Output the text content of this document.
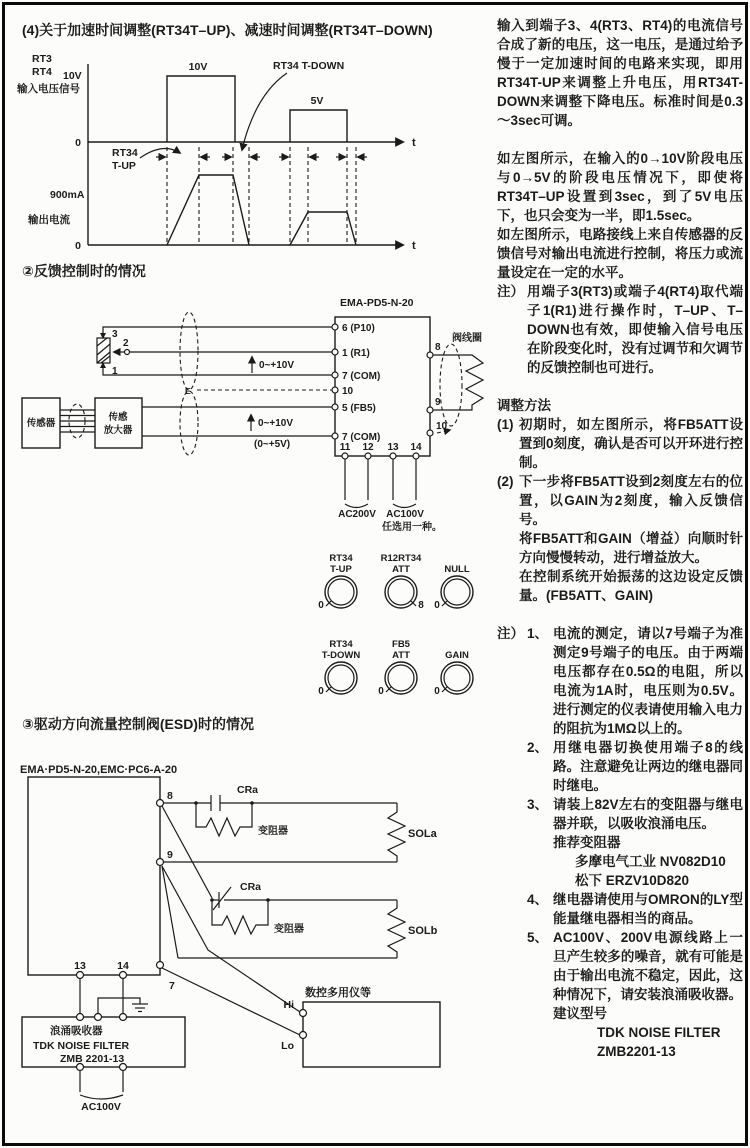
(4)关于加速时间调整(RT34T–UP)、减速时间调整(RT34T–DOWN)
RT3
RT4 10V
输入电压信号
t
0
10V
5V
RT34 T-DOWN
RT34
T-UP
900mA
输出电流
0	t
②反馈控制时的情况
EMA-PD5-N-20
3
2
1
传感器
传感
放大器
E
0~+10V
0~+10V
(0~+5V)
6 (P10)
1 (R1)
7 (COM)
10
5 (FB5)
7 (COM)
11 12 13 14
AC200V AC100V
任选用一种。
8
9
10
阀线圈
RT34
T-UP
0
R12RT34
ATT
8
NULL
0
RT34
T-DOWN
0
FB5
ATT
0
GAIN
0
③驱动方向流量控制阀(ESD)时的情况
EMA·PD5-N-20,EMC·PC6-A-20
CRa
变阻器	SOLa
CRa
变阻器	SOLb
8
9
7
13	14
浪涌吸收器
TDK NOISE FILTER
ZMB 2201-13
AC100V
数控多用仪等
Hi
Lo
输入到端子3、4(RT3、RT4)的电流信号合成了新的电压，这一电压，是通过给予慢于一定加速时间的电路来实现，即用RT34T-UP来调整上升电压，用RT34T-DOWN来调整下降电压。标准时间是0.3～3sec可调。
如左图所示，在输入的0→10V阶段电压与0→5V的阶段电压情况下，即使将RT34T–UP设置到3sec，到了5V电压下，也只会变为一半，即1.5sec。
如左图所示，电路接线上来自传感器的反馈信号对输出电流进行控制，将压力或流量设定在一定的水平。
注） 用端子3(RT3)或端子4(RT4)取代端子1(R1)进行操作时，T–UP、T–DOWN也有效，即使输入信号电压在阶段变化时，没有过调节和欠调节的反馈控制也可进行。
调整方法
(1) 初期时，如左图所示，将FB5ATT设置到0刻度，确认是否可以开环进行控制。
(2) 下一步将FB5ATT设到2刻度左右的位置，以GAIN为2刻度，输入反馈信号。
将FB5ATT和GAIN（增益）向顺时针方向慢慢转动，进行增益放大。
在控制系统开始振荡的这边设定反馈量。(FB5ATT、GAIN)
注） 1、 电流的测定，请以7号端子为准测定9号端子的电压。由于两端电压都存在0.5Ω的电阻，所以电流为1A时，电压则为0.5V。进行测定的仪表请使用输入电力的阻抗为1MΩ以上的。
2、 用继电器切换使用端子8的线路。注意避免让两边的继电器同时继电。
3、 请装上82V左右的变阻器与继电器并联，以吸收浪涌电压。
推荐变阻器
多摩电气工业 NV082D10
松下 ERZV10D820
4、 继电器请使用与OMRON的LY型能量继电器相当的商品。
5、 AC100V、200V电源线路上一旦产生较多的噪音，就有可能是由于输出电流不稳定，因此，这种情况下，请安装浪涌吸收器。
建议型号
TDK NOISE FILTER
ZMB2201-13
